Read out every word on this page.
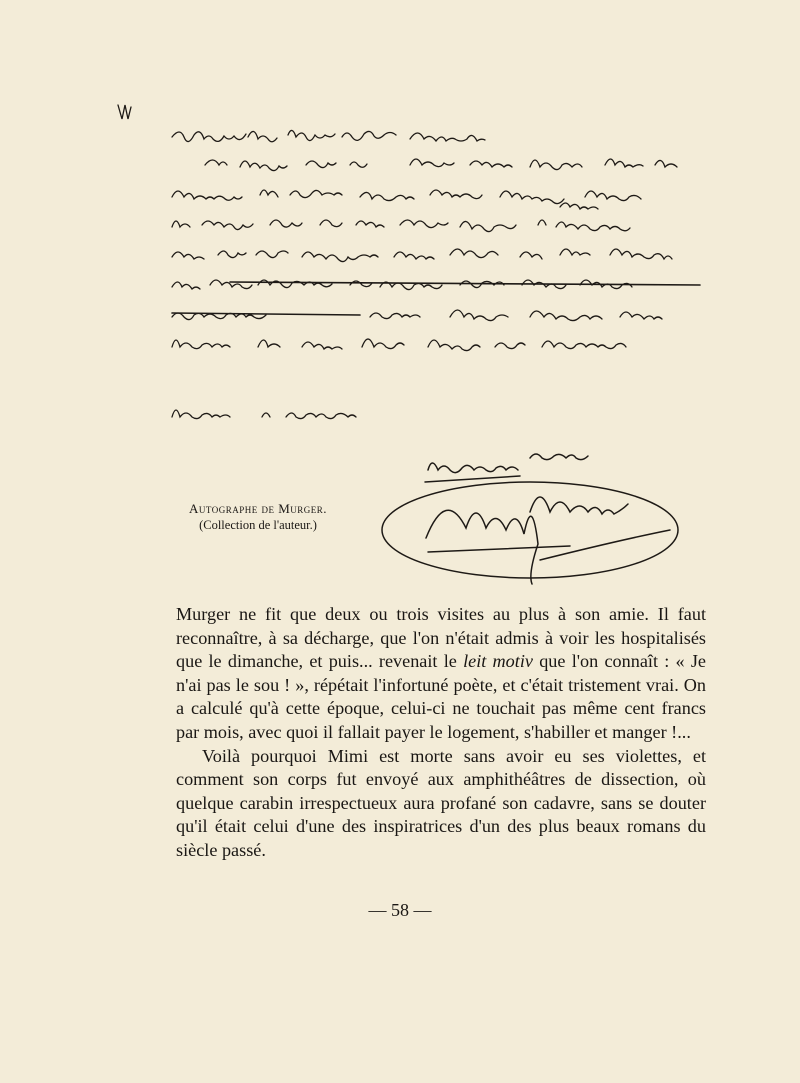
Autographe de Murger.
(Collection de l'auteur.)

Murger ne fit que deux ou trois visites au plus à son amie. Il faut reconnaître, à sa décharge, que l'on n'était admis à voir les hospitalisés que le dimanche, et puis... revenait le leit motiv que l'on connaît : « Je n'ai pas le sou ! », répétait l'infortuné poète, et c'était tristement vrai. On a calculé qu'à cette époque, celui-ci ne touchait pas même cent francs par mois, avec quoi il fallait payer le logement, s'habiller et manger !...

Voilà pourquoi Mimi est morte sans avoir eu ses violettes, et comment son corps fut envoyé aux amphithéâtres de dissection, où quelque carabin irrespectueux aura profané son cadavre, sans se douter qu'il était celui d'une des inspiratrices d'un des plus beaux romans du siècle passé.

— 58 —
